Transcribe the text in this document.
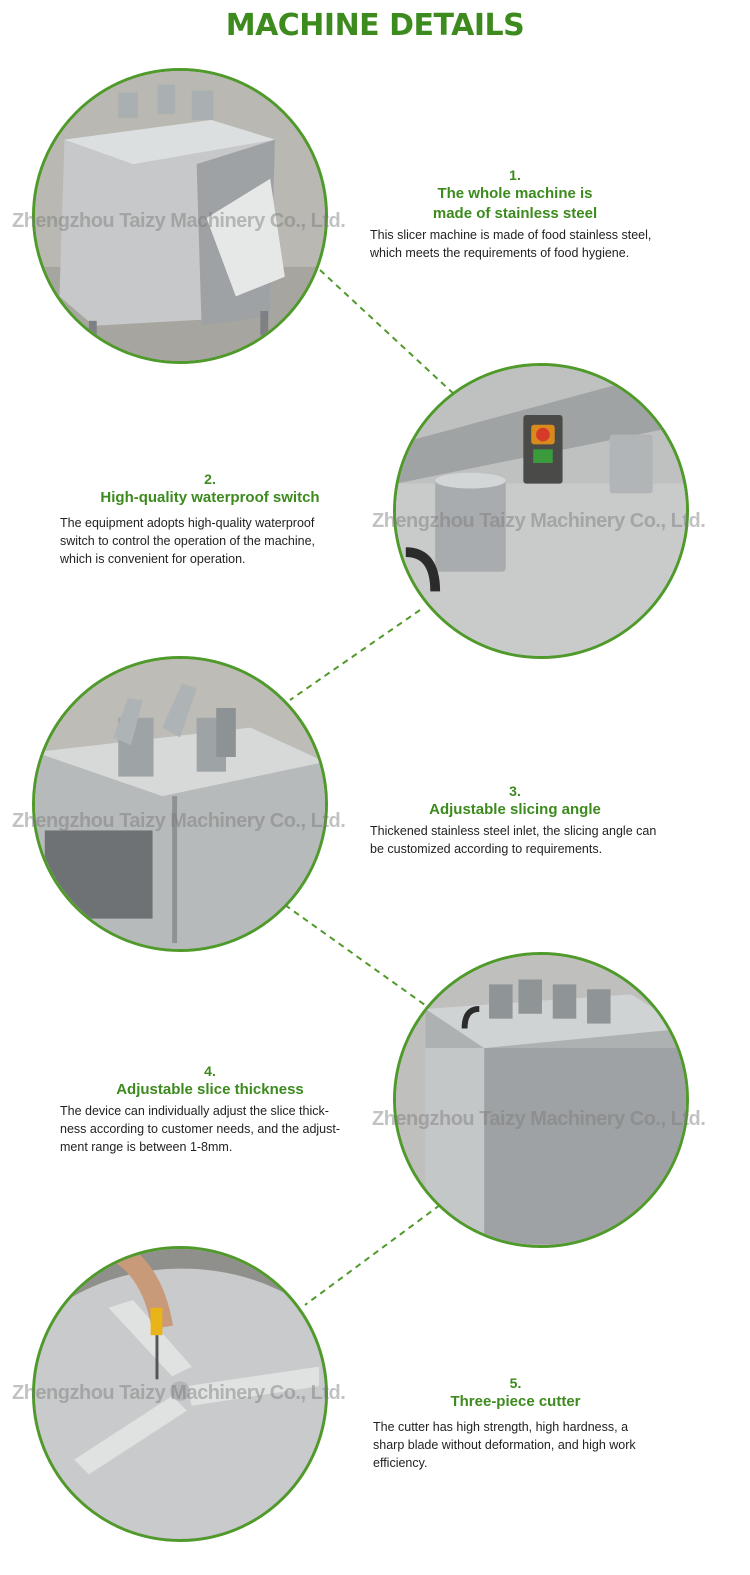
MACHINE DETAILS
Zhengzhou Taizy Machinery Co., Ltd.
1.
The whole machine is
made of stainless steel
This slicer machine is made of food stainless steel,
which meets the requirements of food hygiene.
Zhengzhou Taizy Machinery Co., Ltd.
2.
High-quality waterproof switch
The equipment adopts high-quality waterproof
switch to control the operation of the machine,
which is convenient for operation.
Zhengzhou Taizy Machinery Co., Ltd.
3.
Adjustable slicing angle
Thickened stainless steel inlet, the slicing angle can
be customized according to requirements.
Zhengzhou Taizy Machinery Co., Ltd.
4.
Adjustable slice thickness
The device can individually adjust the slice thick-
ness according to customer needs, and the adjust-
ment range is between 1-8mm.
Zhengzhou Taizy Machinery Co., Ltd.	5.
Three-piece cutter
The cutter has high strength, high hardness, a
sharp blade without deformation, and high work
efficiency.
